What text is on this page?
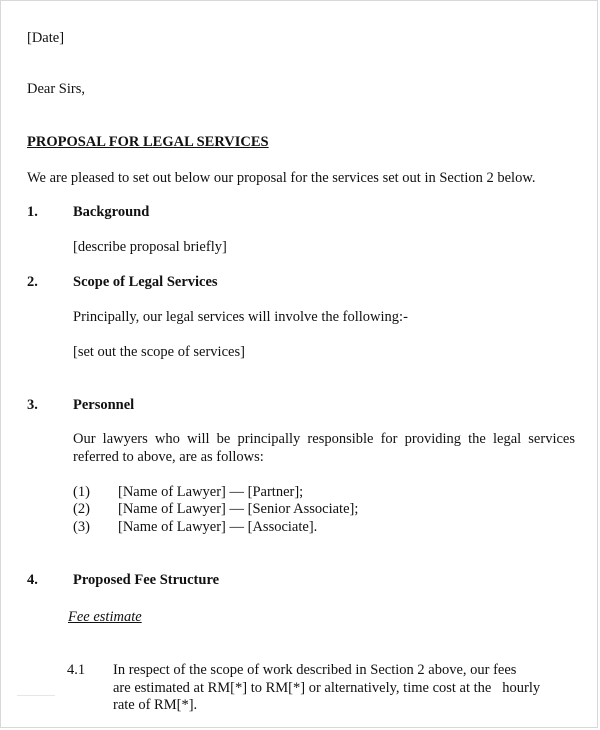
[Date]
Dear Sirs,
PROPOSAL FOR LEGAL SERVICES
We are pleased to set out below our proposal for the services set out in Section 2 below.
1. Background
[describe proposal briefly]
2. Scope of Legal Services
Principally, our legal services will involve the following:-
[set out the scope of services]
3. Personnel
Our lawyers who will be principally responsible for providing the legal services referred to above, are as follows:
(1) [Name of Lawyer] — [Partner];
(2) [Name of Lawyer] — [Senior Associate];
(3) [Name of Lawyer] — [Associate].
4. Proposed Fee Structure
Fee estimate
4.1 In respect of the scope of work described in Section 2 above, our fees
are estimated at RM[*] to RM[*] or alternatively, time cost at the   hourly
rate of RM[*].
